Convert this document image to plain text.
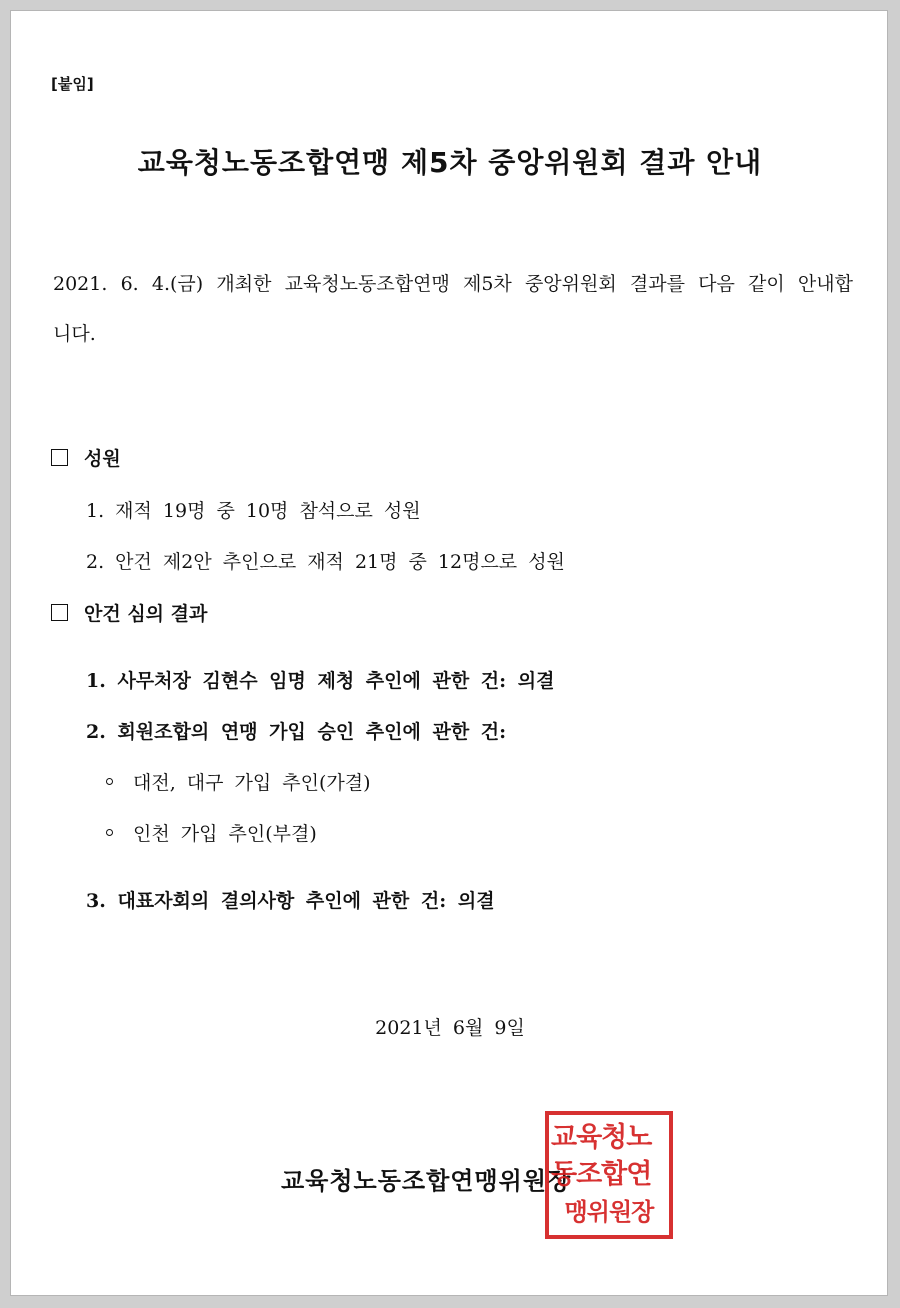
[붙임]
교육청노동조합연맹 제5차 중앙위원회 결과 안내
2021. 6. 4.(금) 개최한 교육청노동조합연맹 제5차 중앙위원회 결과를 다음 같이 안내합니다.
성원
1. 재적 19명 중 10명 참석으로 성원
2. 안건 제2안 추인으로 재적 21명 중 12명으로 성원
안건 심의 결과
1. 사무처장 김현수 임명 제청 추인에 관한 건: 의결
2. 회원조합의 연맹 가입 승인 추인에 관한 건:
대전, 대구 가입 추인(가결)
인천 가입 추인(부결)
3. 대표자회의 결의사항 추인에 관한 건: 의결
2021년 6월 9일
교육청노동조합연맹위원장
교육청노
동조합연
맹위원장
